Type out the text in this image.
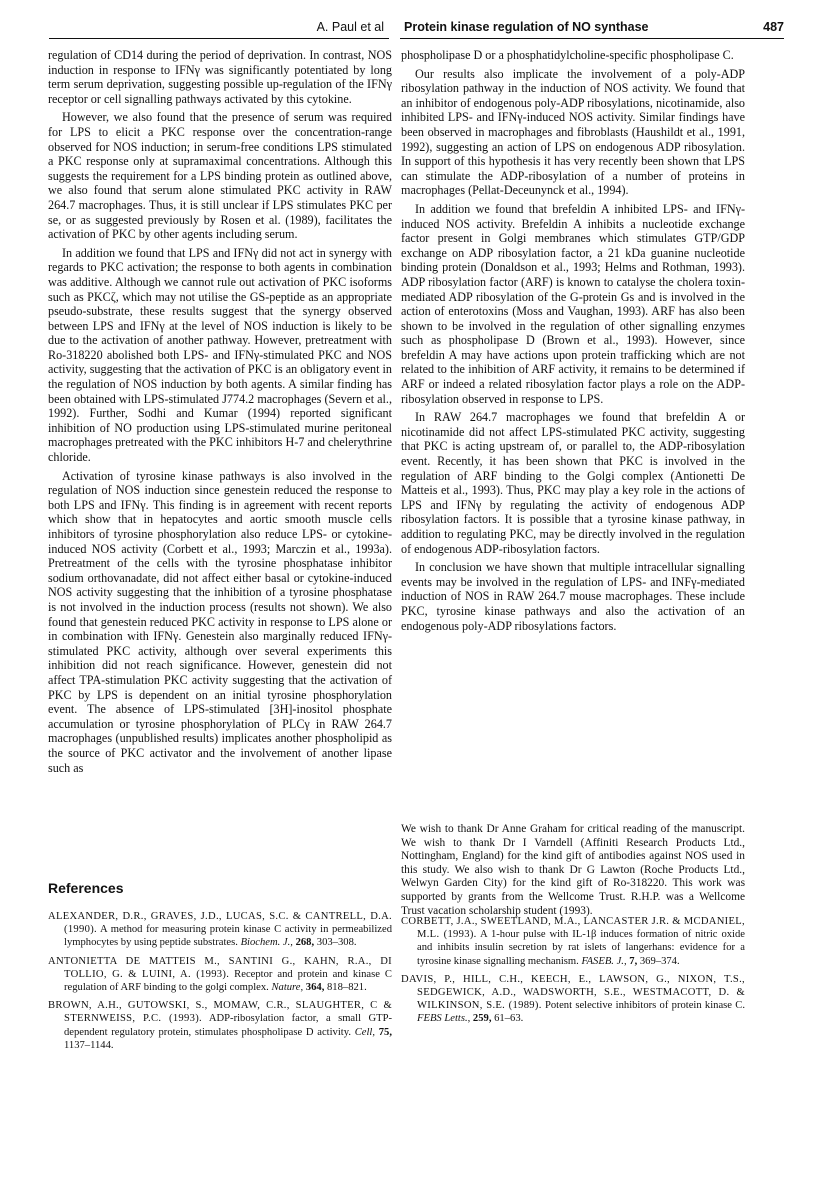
A. Paul et al Protein kinase regulation of NO synthase	487

regulation of CD14 during the period of deprivation. In contrast, NOS induction in response to IFNγ was significantly potentiated by long term serum deprivation, suggesting possible up-regulation of the IFNγ receptor or cell signalling pathways activated by this cytokine.

However, we also found that the presence of serum was required for LPS to elicit a PKC response over the concentration-range observed for NOS induction; in serum-free conditions LPS stimulated a PKC response only at supramaximal concentrations. Although this suggests the requirement for a LPS binding protein as outlined above, we also found that serum alone stimulated PKC activity in RAW 264.7 macrophages. Thus, it is still unclear if LPS stimulates PKC per se, or as suggested previously by Rosen et al. (1989), facilitates the activation of PKC by other agents including serum.

In addition we found that LPS and IFNγ did not act in synergy with regards to PKC activation; the response to both agents in combination was additive. Although we cannot rule out activation of PKC isoforms such as PKCζ, which may not utilise the GS-peptide as an appropriate pseudo-substrate, these results suggest that the synergy observed between LPS and IFNγ at the level of NOS induction is likely to be due to the activation of another pathway. However, pretreatment with Ro-318220 abolished both LPS- and IFNγ-stimulated PKC and NOS activity, suggesting that the activation of PKC is an obligatory event in the regulation of NOS induction by both agents. A similar finding has been obtained with LPS-stimulated J774.2 macrophages (Severn et al., 1992). Further, Sodhi and Kumar (1994) reported significant inhibition of NO production using LPS-stimulated murine peritoneal macrophages pretreated with the PKC inhibitors H-7 and chelerythrine chloride.

Activation of tyrosine kinase pathways is also involved in the regulation of NOS induction since genestein reduced the response to both LPS and IFNγ. This finding is in agreement with recent reports which show that in hepatocytes and aortic smooth muscle cells inhibitors of tyrosine phosphorylation also reduce LPS- or cytokine-induced NOS activity (Corbett et al., 1993; Marczin et al., 1993a). Pretreatment of the cells with the tyrosine phosphatase inhibitor sodium orthovanadate, did not affect either basal or cytokine-induced NOS activity suggesting that the inhibition of a tyrosine phosphatase is not involved in the induction process (results not shown). We also found that genestein reduced PKC activity in response to LPS alone or in combination with IFNγ. Genestein also marginally reduced IFNγ-stimulated PKC activity, although over several experiments this inhibition did not reach significance. However, genestein did not affect TPA-stimulation PKC activity suggesting that the activation of PKC by LPS is dependent on an initial tyrosine phosphorylation event. The absence of LPS-stimulated [3H]-inositol phosphate accumulation or tyrosine phosphorylation of PLCγ in RAW 264.7 macrophages (unpublished results) implicates another phospholipid as the source of PKC activator and the involvement of another lipase such as

phospholipase D or a phosphatidylcholine-specific phospholipase C.

Our results also implicate the involvement of a poly-ADP ribosylation pathway in the induction of NOS activity. We found that an inhibitor of endogenous poly-ADP ribosylations, nicotinamide, also inhibited LPS- and IFNγ-induced NOS activity. Similar findings have been observed in macrophages and fibroblasts (Haushildt et al., 1991, 1992), suggesting an action of LPS on endogenous ADP ribosylation. In support of this hypothesis it has very recently been shown that LPS can stimulate the ADP-ribosylation of a number of proteins in macrophages (Pellat-Deceunynck et al., 1994).

In addition we found that brefeldin A inhibited LPS- and IFNγ-induced NOS activity. Brefeldin A inhibits a nucleotide exchange factor present in Golgi membranes which stimulates GTP/GDP exchange on ADP ribosylation factor, a 21 kDa guanine nucleotide binding protein (Donaldson et al., 1993; Helms and Rothman, 1993). ADP ribosylation factor (ARF) is known to catalyse the cholera toxin-mediated ADP ribosylation of the G-protein Gs and is involved in the action of enterotoxins (Moss and Vaughan, 1993). ARF has also been shown to be involved in the regulation of other signalling enzymes such as phospholipase D (Brown et al., 1993). However, since brefeldin A may have actions upon protein trafficking which are not related to the inhibition of ARF activity, it remains to be determined if ARF or indeed a related ribosylation factor plays a role on the ADP-ribosylation observed in response to LPS.

In RAW 264.7 macrophages we found that brefeldin A or nicotinamide did not affect LPS-stimulated PKC activity, suggesting that PKC is acting upstream of, or parallel to, the ADP-ribosylation event. Recently, it has been shown that PKC is involved in the regulation of ARF binding to the Golgi complex (Antionetti De Matteis et al., 1993). Thus, PKC may play a key role in the actions of LPS and IFNγ by regulating the activity of endogenous ADP ribosylation factors. It is possible that a tyrosine kinase pathway, in addition to regulating PKC, may be directly involved in the regulation of endogenous ADP-ribosylation factors.

In conclusion we have shown that multiple intracellular signalling events may be involved in the regulation of LPS- and INFγ-mediated induction of NOS in RAW 264.7 mouse macrophages. These include PKC, tyrosine kinase pathways and also the activation of an endogenous poly-ADP ribosylations factors.

We wish to thank Dr Anne Graham for critical reading of the manuscript. We wish to thank Dr I Varndell (Affiniti Research Products Ltd., Nottingham, England) for the kind gift of antibodies against NOS used in this study. We also wish to thank Dr G Lawton (Roche Products Ltd., Welwyn Garden City) for the kind gift of Ro-318220. This work was supported by grants from the Wellcome Trust. R.H.P. was a Wellcome Trust vacation scholarship student (1993).
References

ALEXANDER, D.R., GRAVES, J.D., LUCAS, S.C. & CANTRELL, D.A. (1990). A method for measuring protein kinase C activity in permeabilized lymphocytes by using peptide substrates. Biochem. J., 268, 303–308.

ANTONIETTA DE MATTEIS M., SANTINI G., KAHN, R.A., DI TOLLIO, G. & LUINI, A. (1993). Receptor and protein and kinase C regulation of ARF binding to the golgi complex. Nature, 364, 818–821.

BROWN, A.H., GUTOWSKI, S., MOMAW, C.R., SLAUGHTER, C & STERNWEISS, P.C. (1993). ADP-ribosylation factor, a small GTP-dependent regulatory protein, stimulates phospholipase D activity. Cell, 75, 1137–1144.

CORBETT, J.A., SWEETLAND, M.A., LANCASTER J.R. & MCDANIEL, M.L. (1993). A 1-hour pulse with IL-1β induces formation of nitric oxide and inhibits insulin secretion by rat islets of langerhans: evidence for a tyrosine kinase signalling mechanism. FASEB. J., 7, 369–374.

DAVIS, P., HILL, C.H., KEECH, E., LAWSON, G., NIXON, T.S., SEDGEWICK, A.D., WADSWORTH, S.E., WESTMACOTT, D. & WILKINSON, S.E. (1989). Potent selective inhibitors of protein kinase C. FEBS Letts., 259, 61–63.
